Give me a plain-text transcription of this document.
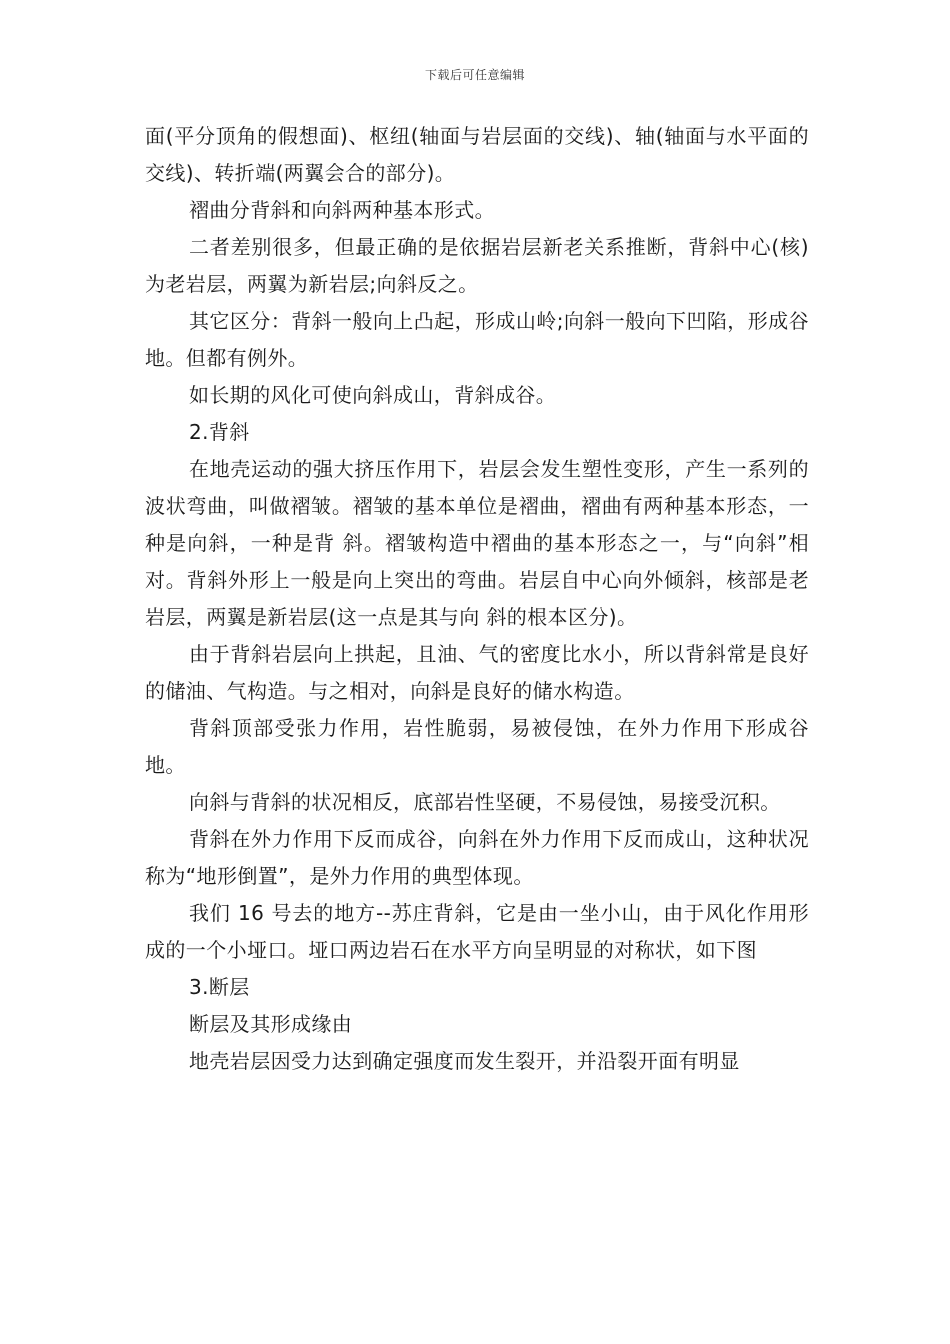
下载后可任意编辑

面(平分顶角的假想面)、枢纽(轴面与岩层面的交线)、轴(轴面与水平面的交线)、转折端(两翼会合的部分)。

褶曲分背斜和向斜两种基本形式。

二者差别很多，但最正确的是依据岩层新老关系推断，背斜中心(核)为老岩层，两翼为新岩层;向斜反之。

其它区分：背斜一般向上凸起，形成山岭;向斜一般向下凹陷，形成谷地。但都有例外。

如长期的风化可使向斜成山，背斜成谷。

2.背斜

在地壳运动的强大挤压作用下，岩层会发生塑性变形，产生一系列的波状弯曲，叫做褶皱。褶皱的基本单位是褶曲，褶曲有两种基本形态，一种是向斜，一种是背 斜。褶皱构造中褶曲的基本形态之一，与“向斜”相对。背斜外形上一般是向上突出的弯曲。岩层自中心向外倾斜，核部是老岩层，两翼是新岩层(这一点是其与向 斜的根本区分)。

由于背斜岩层向上拱起，且油、气的密度比水小，所以背斜常是良好的储油、气构造。与之相对，向斜是良好的储水构造。

背斜顶部受张力作用，岩性脆弱，易被侵蚀，在外力作用下形成谷地。

向斜与背斜的状况相反，底部岩性坚硬，不易侵蚀，易接受沉积。

背斜在外力作用下反而成谷，向斜在外力作用下反而成山，这种状况称为“地形倒置”，是外力作用的典型体现。

我们 16 号去的地方--苏庄背斜，它是由一坐小山，由于风化作用形成的一个小垭口。垭口两边岩石在水平方向呈明显的对称状，如下图

3.断层

断层及其形成缘由

地壳岩层因受力达到确定强度而发生裂开，并沿裂开面有明显
